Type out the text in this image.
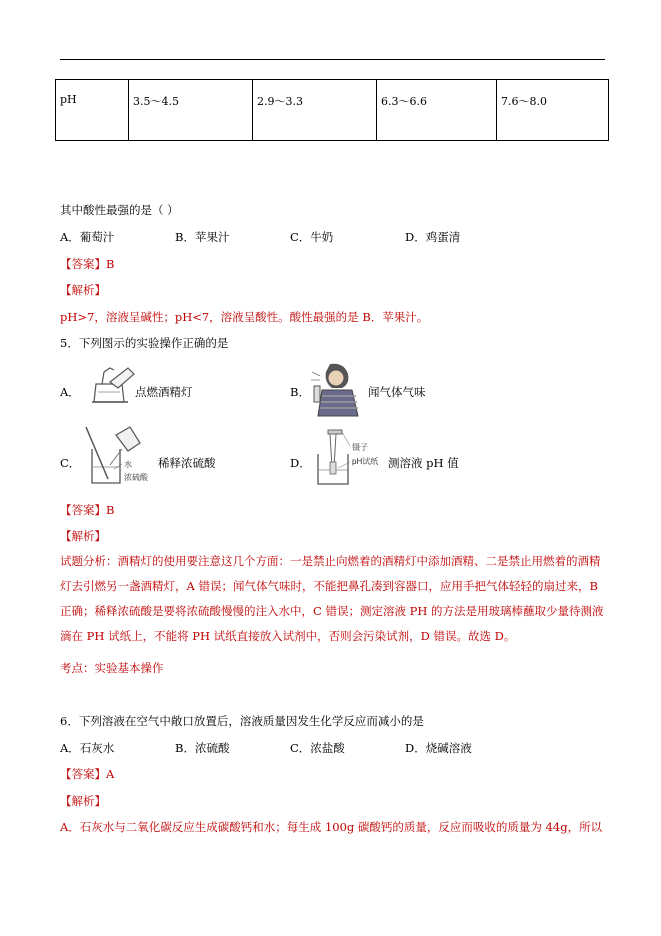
pH	3.5～4.5	2.9～3.3	6.3～6.6	7.6～8.0
其中酸性最强的是（ ）
A．葡萄汁	B．苹果汁	C．牛奶	D．鸡蛋清
【答案】B
【解析】
pH>7，溶液呈碱性；pH<7，溶液呈酸性。酸性最强的是 B．苹果汁。
5．下列图示的实验操作正确的是
A．	点燃酒精灯	B．	闻气体气味
C．	水
浓硫酸
稀释浓硫酸	D．
镊子
pH试纸 测溶液 pH 值
【答案】B
【解析】
试题分析：酒精灯的使用要注意这几个方面：一是禁止向燃着的酒精灯中添加酒精、二是禁止用燃着的酒精灯去引燃另一盏酒精灯，A 错误；闻气体气味时，不能把鼻孔凑到容器口，应用手把气体轻轻的扇过来，B 正确；稀释浓硫酸是要将浓硫酸慢慢的注入水中，C 错误；测定溶液 PH 的方法是用玻璃棒蘸取少量待测液滴在 PH 试纸上，不能将 PH 试纸直接放入试剂中，否则会污染试剂，D 错误。故选 D。
考点：实验基本操作
6．下列溶液在空气中敞口放置后，溶液质量因发生化学反应而减小的是
A．石灰水	B．浓硫酸	C．浓盐酸	D．烧碱溶液
【答案】A
【解析】
A．石灰水与二氧化碳反应生成碳酸钙和水；每生成 100g 碳酸钙的质量，反应而吸收的质量为 44g，所以
